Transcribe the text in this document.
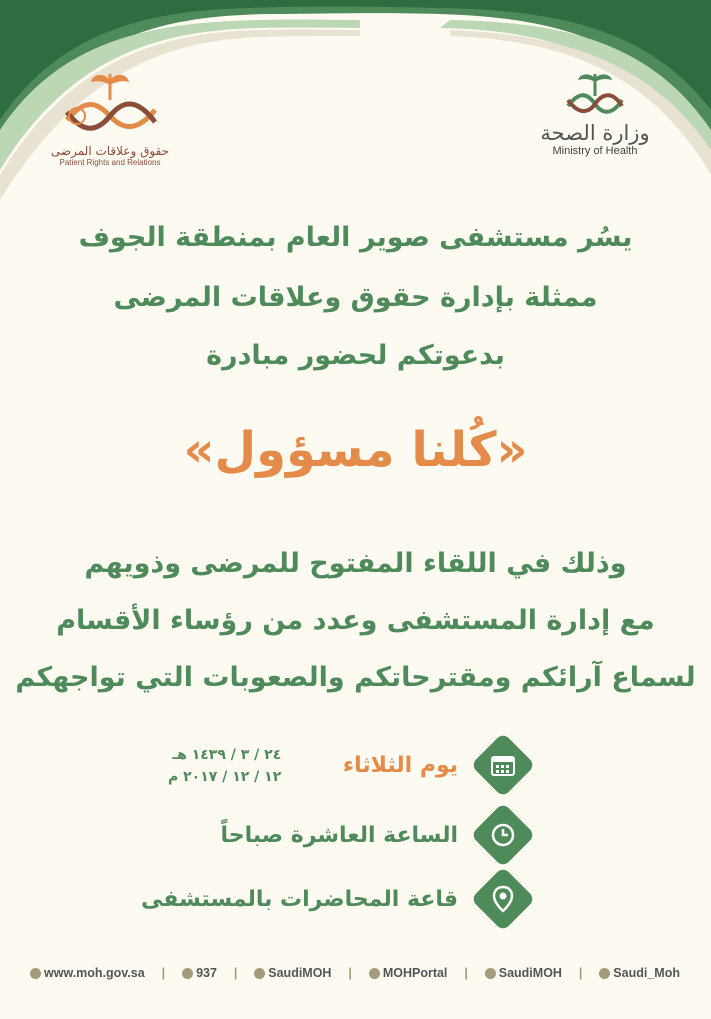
وزارة الصحة
Ministry of Health
حقوق وعلاقات المرضى
Patient Rights and Relations
يسُر مستشفى صوير العام بمنطقة الجوف
ممثلة بإدارة حقوق وعلاقات المرضى
بدعوتكم لحضور مبادرة
«كُلنا مسؤول»
وذلك في اللقاء المفتوح للمرضى وذويهم
مع إدارة المستشفى وعدد من رؤساء الأقسام
لسماع آرائكم ومقترحاتكم والصعوبات التي تواجهكم
يوم الثلاثاء
٢٤ / ٣ / ١٤٣٩ هـ
١٢ / ١٢ / ٢٠١٧ م
الساعة العاشرة صباحاً
قاعة المحاضرات بالمستشفى
www.moh.gov.sa | 937 | SaudiMOH | MOHPortal | SaudiMOH | Saudi_Moh
